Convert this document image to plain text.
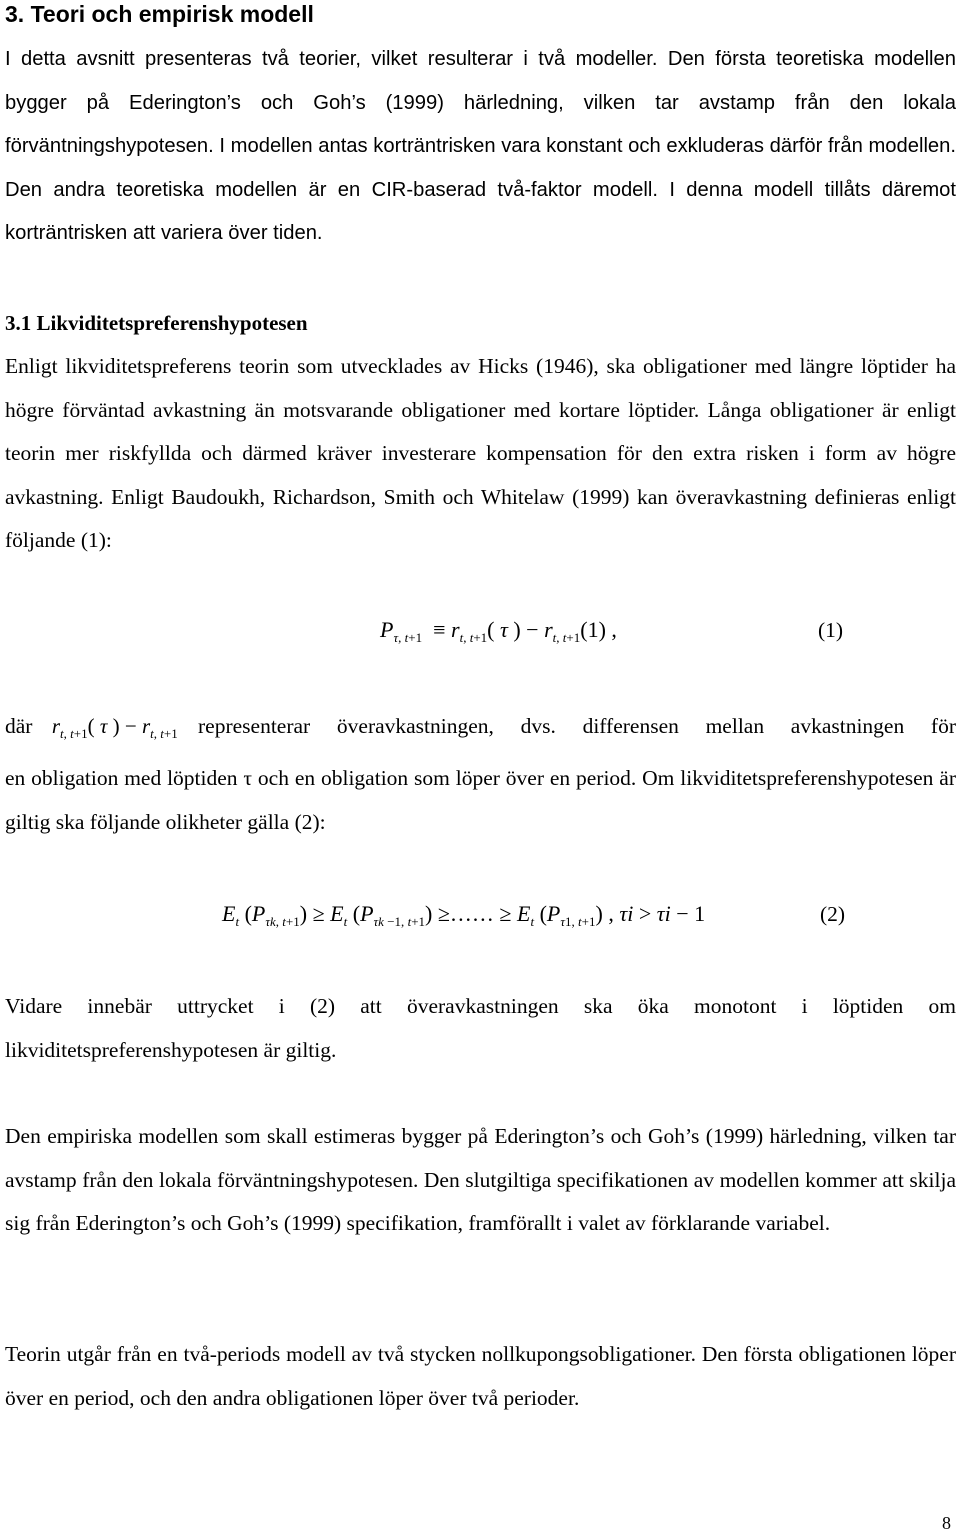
3. Teori och empirisk modell

I detta avsnitt presenteras två teorier, vilket resulterar i två modeller. Den första teoretiska modellen bygger på Ederington’s och Goh’s (1999) härledning, vilken tar avstamp från den lokala förväntningshypotesen. I modellen antas korträntrisken vara konstant och exkluderas därför från modellen. Den andra teoretiska modellen är en CIR-baserad två-faktor modell. I denna modell tillåts däremot korträntrisken att variera över tiden.

3.1 Likviditetspreferenshypotesen

Enligt likviditetspreferens teorin som utvecklades av Hicks (1946), ska obligationer med längre löptider ha högre förväntad avkastning än motsvarande obligationer med kortare löptider. Långa obligationer är enligt teorin mer riskfyllda och därmed kräver investerare kompensation för den extra risken i form av högre avkastning. Enligt Baudoukh, Richardson, Smith och Whitelaw (1999) kan överavkastning definieras enligt följande (1):

$P_{\tau, t+1} \equiv r_{t, t+1}$( τ ) − $r_{t, t+1}(1)$ ,	(1)
där $r_{t, t+1}$( τ ) − $r_{t, t+1}$ representerar överavkastningen, dvs. differensen mellan avkastningen för

en obligation med löptiden τ och en obligation som löper över en period. Om likviditetspreferenshypotesen är giltig ska följande olikheter gälla (2):

$E_t$ $(P_{\tau k, t+1}) \ge E_t$ $(P_{\tau k -1, t+1})$ ≥…… ≥ $E_t$ $(P_{\tau 1, t+1})$ , τi > τi − 1	(2)

Vidare innebär uttrycket i (2) att överavkastningen ska öka monotont i löptiden om likviditetspreferenshypotesen är giltig.

Den empiriska modellen som skall estimeras bygger på Ederington’s och Goh’s (1999) härledning, vilken tar avstamp från den lokala förväntningshypotesen. Den slutgiltiga specifikationen av modellen kommer att skilja sig från Ederington’s och Goh’s (1999) specifikation, framförallt i valet av förklarande variabel.

Teorin utgår från en två-periods modell av två stycken nollkupongsobligationer. Den första obligationen löper över en period, och den andra obligationen löper över två perioder.

8
